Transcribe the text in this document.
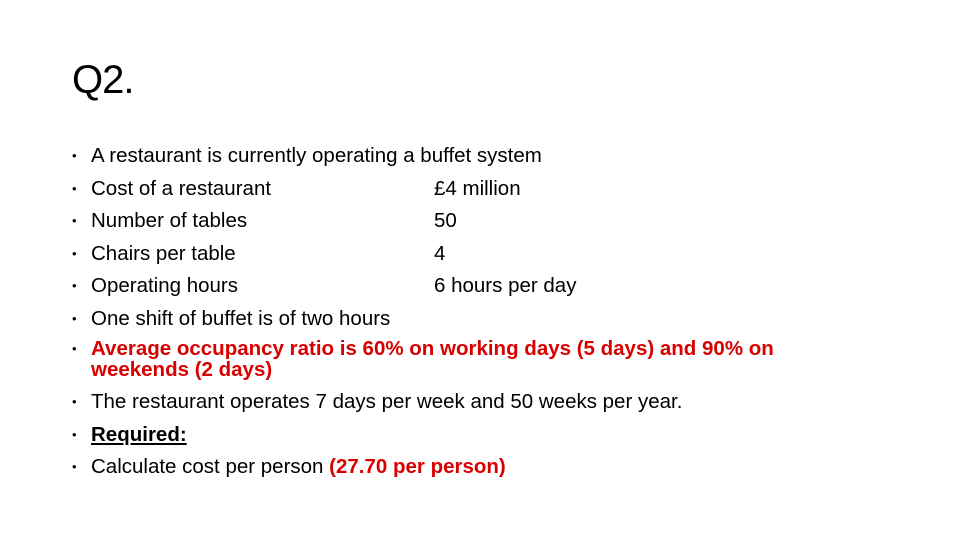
Q2.
• A restaurant is currently operating a buffet system
• Cost of a restaurant	£4 million
• Number of tables	50
• Chairs per table	4
• Operating hours	6 hours per day
• One shift of buffet is of two hours
• Average occupancy ratio is 60% on working days (5 days) and 90% on weekends (2 days)
• The restaurant operates 7 days per week and 50 weeks per year.
• Required:
• Calculate cost per person (27.70 per person)
